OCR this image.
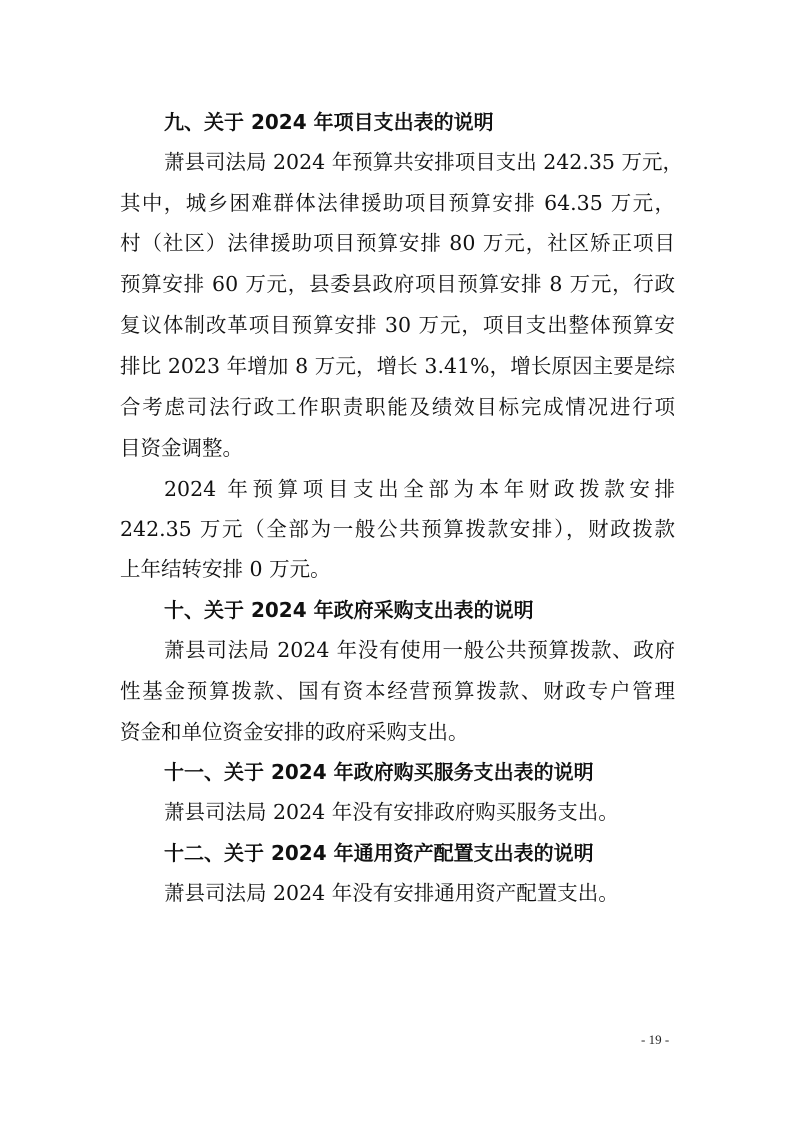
九、关于 2024 年项目支出表的说明
萧县司法局 2024 年预算共安排项目支出 242.35 万元，
其中，城乡困难群体法律援助项目预算安排 64.35 万元，
村（社区）法律援助项目预算安排 80 万元，社区矫正项目
预算安排 60 万元，县委县政府项目预算安排 8 万元，行政
复议体制改革项目预算安排 30 万元，项目支出整体预算安
排比 2023 年增加 8 万元，增长 3.41%，增长原因主要是综
合考虑司法行政工作职责职能及绩效目标完成情况进行项
目资金调整。
2024 年预算项目支出全部为本年财政拨款安排
242.35 万元（全部为一般公共预算拨款安排），财政拨款
上年结转安排 0 万元。
十、关于 2024 年政府采购支出表的说明
萧县司法局 2024 年没有使用一般公共预算拨款、政府
性基金预算拨款、国有资本经营预算拨款、财政专户管理
资金和单位资金安排的政府采购支出。
十一、关于 2024 年政府购买服务支出表的说明
萧县司法局 2024 年没有安排政府购买服务支出。
十二、关于 2024 年通用资产配置支出表的说明
萧县司法局 2024 年没有安排通用资产配置支出。
- 19 -
